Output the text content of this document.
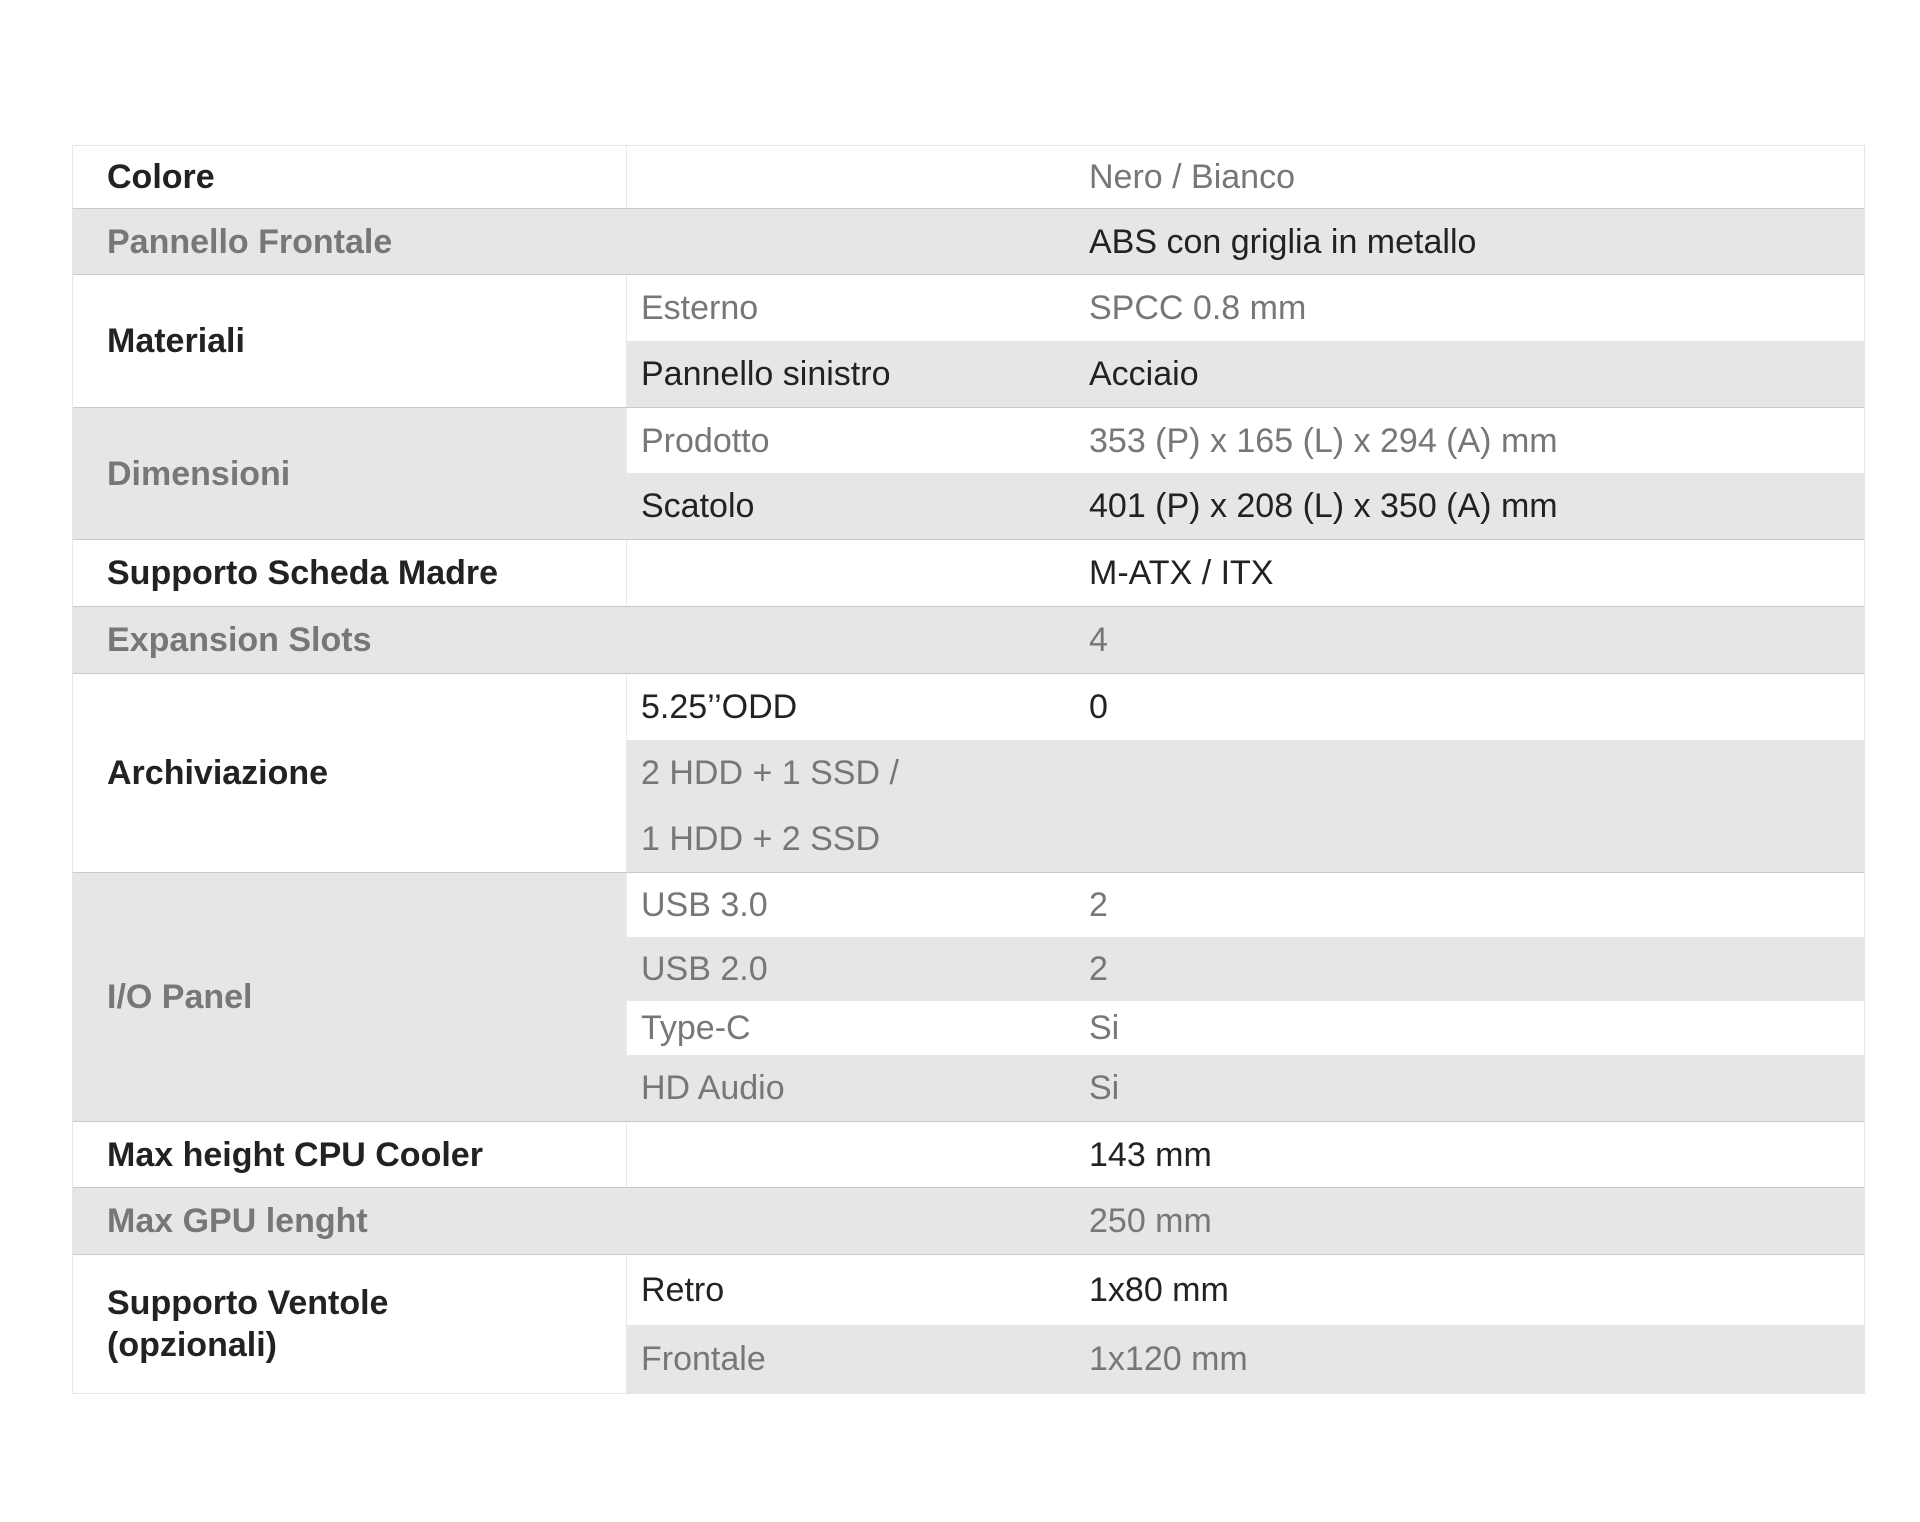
Colore	Nero / Bianco
Pannello Frontale	ABS con griglia in metallo
Materiali
Esterno	SPCC 0.8 mm
Pannello sinistro	Acciaio
Dimensioni
Prodotto	353 (P) x 165 (L) x 294 (A) mm
Scatolo	401 (P) x 208 (L) x 350 (A) mm
Supporto Scheda Madre	M-ATX / ITX
Expansion Slots	4
Archiviazione
5.25’’ODD	0
2 HDD + 1 SSD /
1 HDD + 2 SSD
I/O Panel
USB 3.0	2
USB 2.0	2
Type-C	Si
HD Audio	Si
Max height CPU Cooler	143 mm
Max GPU lenght	250 mm
Supporto Ventole
(opzionali)
Retro	1x80 mm
Frontale	1x120 mm
